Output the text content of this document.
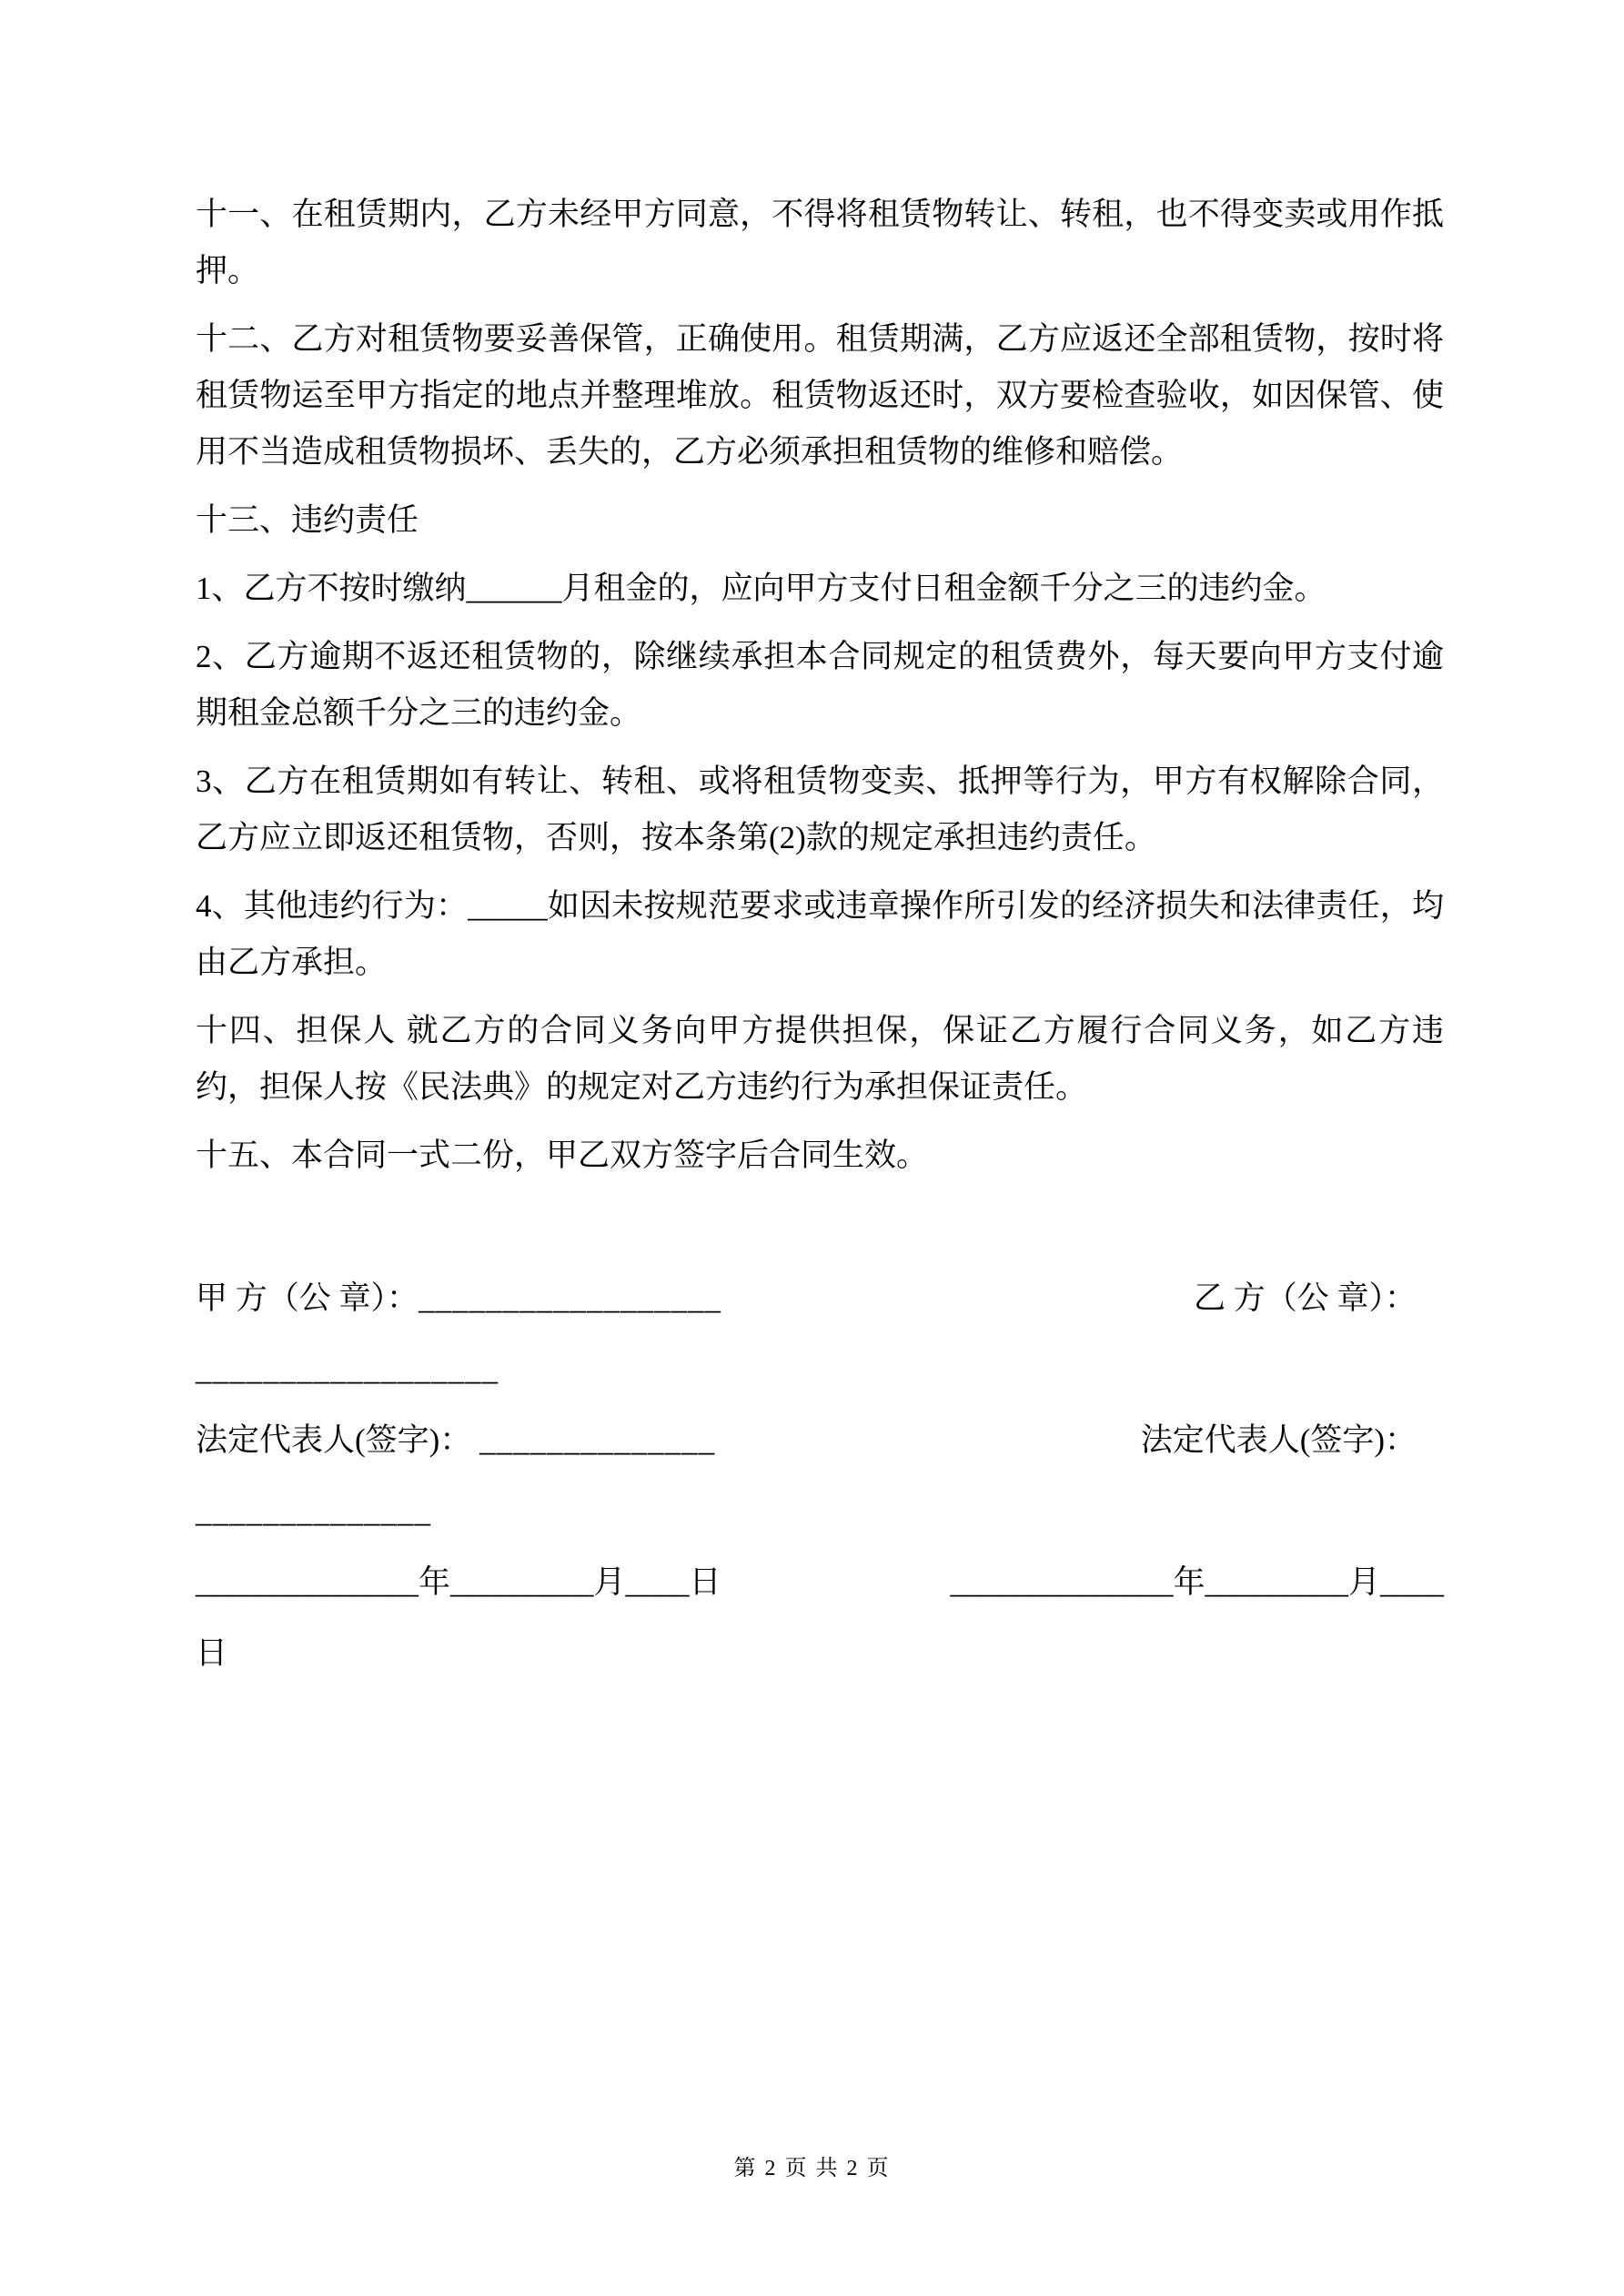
十一、在租赁期内，乙方未经甲方同意，不得将租赁物转让、转租，也不得变卖或用作抵押。

十二、乙方对租赁物要妥善保管，正确使用。租赁期满，乙方应返还全部租赁物，按时将租赁物运至甲方指定的地点并整理堆放。租赁物返还时，双方要检查验收，如因保管、使用不当造成租赁物损坏、丢失的，乙方必须承担租赁物的维修和赔偿。

十三、违约责任

1、乙方不按时缴纳______月租金的，应向甲方支付日租金额千分之三的违约金。

2、乙方逾期不返还租赁物的，除继续承担本合同规定的租赁费外，每天要向甲方支付逾期租金总额千分之三的违约金。

3、乙方在租赁期如有转让、转租、或将租赁物变卖、抵押等行为，甲方有权解除合同，乙方应立即返还租赁物，否则，按本条第(2)款的规定承担违约责任。

4、其他违约行为：_____如因未按规范要求或违章操作所引发的经济损失和法律责任，均由乙方承担。

十四、担保人 就乙方的合同义务向甲方提供担保，保证乙方履行合同义务，如乙方违约，担保人按《民法典》的规定对乙方违约行为承担保证责任。

十五、本合同一式二份，甲乙双方签字后合同生效。

甲 方（公 章）：__________________	乙 方（公 章）：
__________________
法定代表人(签字)： ______________	法定代表人(签字)：
______________
______________年_________月____日	______________年_________月____
日
第 2 页 共 2 页
